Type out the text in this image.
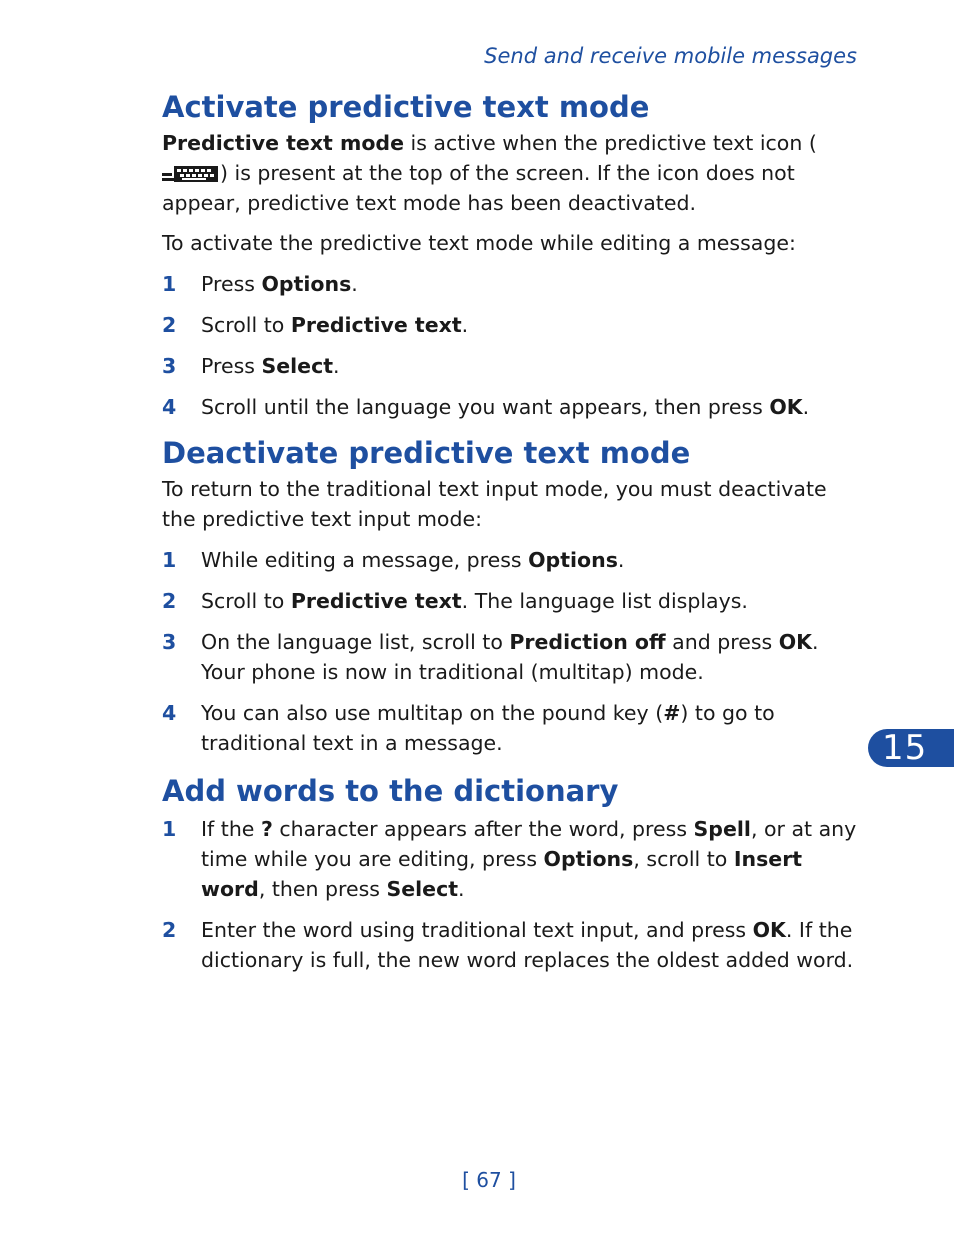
Send and receive mobile messages
Activate predictive text mode

Predictive text mode is active when the predictive text icon () is present at the top of the screen. If the icon does not appear, predictive text mode has been deactivated.

To activate the predictive text mode while editing a message:

1 Press Options.
2 Scroll to Predictive text.
3 Press Select.
4 Scroll until the language you want appears, then press OK.
Deactivate predictive text mode

To return to the traditional text input mode, you must deactivate the predictive text input mode:

1 While editing a message, press Options.
2 Scroll to Predictive text. The language list displays.
3 On the language list, scroll to Prediction off and press OK. Your phone is now in traditional (multitap) mode.
4 You can also use multitap on the pound key (#) to go to traditional text in a message.
Add words to the dictionary
1 If the ? character appears after the word, press Spell, or at any time while you are editing, press Options, scroll to Insert word, then press Select.
2 Enter the word using traditional text input, and press OK. If the dictionary is full, the new word replaces the oldest added word.
15
[ 67 ]
